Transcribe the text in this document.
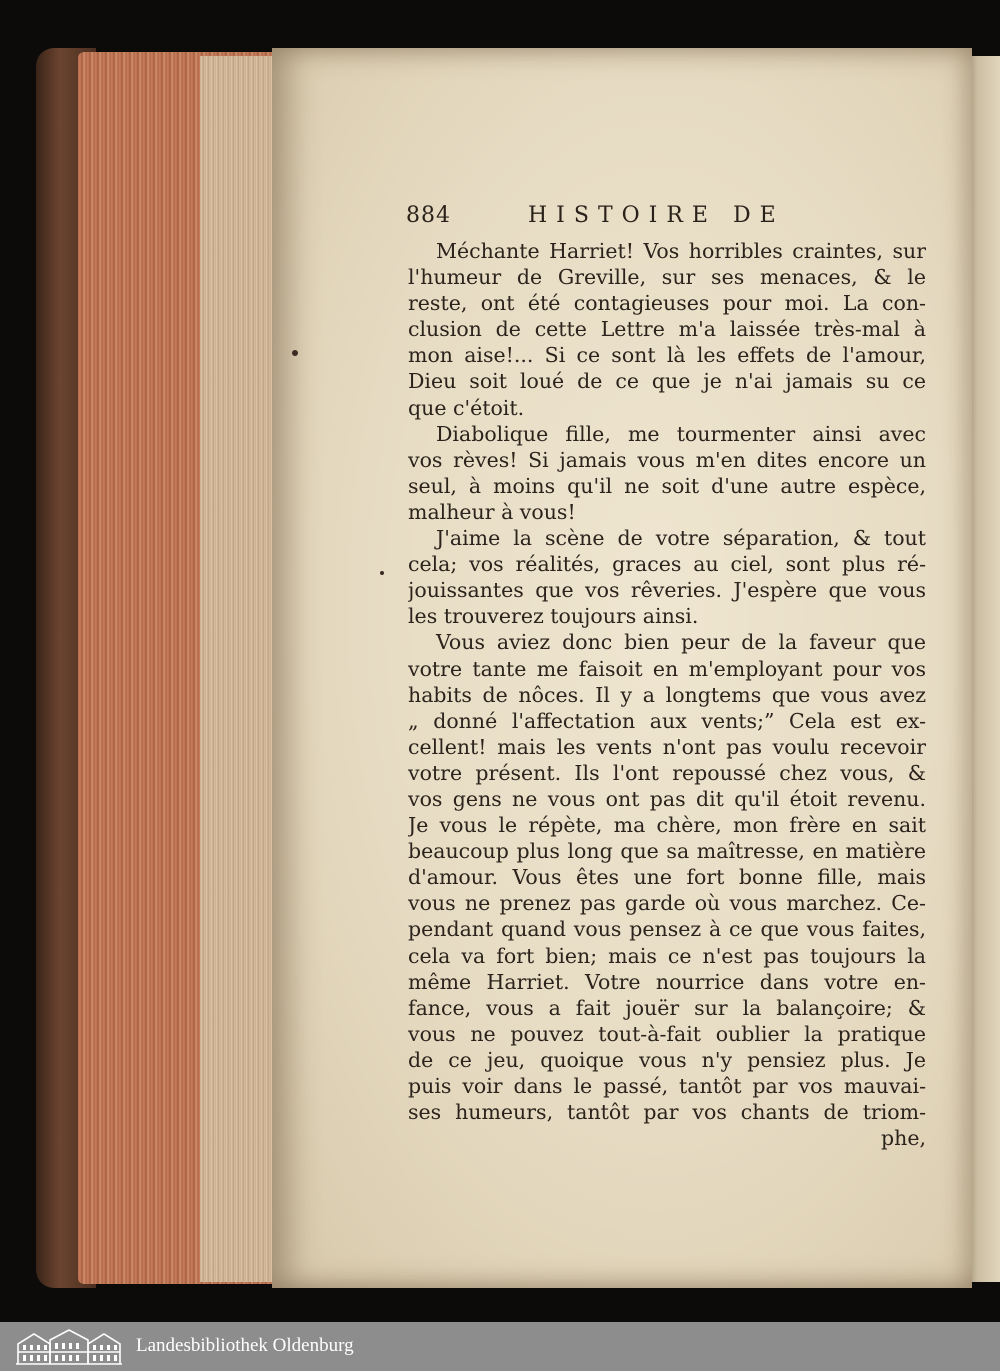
884	HISTOIRE DE
Méchante Harriet! Vos horribles craintes, sur
l'humeur de Greville, sur ses menaces, & le
reste, ont été contagieuses pour moi. La con-
clusion de cette Lettre m'a laissée très-mal à
mon aise!... Si ce sont là les effets de l'amour,
Dieu soit loué de ce que je n'ai jamais su ce
que c'étoit.
Diabolique fille, me tourmenter ainsi avec
vos rèves! Si jamais vous m'en dites encore un
seul, à moins qu'il ne soit d'une autre espèce,
malheur à vous!
J'aime la scène de votre séparation, & tout
cela; vos réalités, graces au ciel, sont plus ré-
jouissantes que vos rêveries. J'espère que vous
les trouverez toujours ainsi.
Vous aviez donc bien peur de la faveur que
votre tante me faisoit en m'employant pour vos
habits de nôces. Il y a longtems que vous avez
„ donné l'affectation aux vents;” Cela est ex-
cellent! mais les vents n'ont pas voulu recevoir
votre présent. Ils l'ont repoussé chez vous, &
vos gens ne vous ont pas dit qu'il étoit revenu.
Je vous le répète, ma chère, mon frère en sait
beaucoup plus long que sa maîtresse, en matière
d'amour. Vous êtes une fort bonne fille, mais
vous ne prenez pas garde où vous marchez. Ce-
pendant quand vous pensez à ce que vous faites,
cela va fort bien; mais ce n'est pas toujours la
même Harriet. Votre nourrice dans votre en-
fance, vous a fait jouër sur la balançoire; &
vous ne pouvez tout-à-fait oublier la pratique
de ce jeu, quoique vous n'y pensiez plus. Je
puis voir dans le passé, tantôt par vos mauvai-
ses humeurs, tantôt par vos chants de triom-
phe,
Landesbibliothek Oldenburg
